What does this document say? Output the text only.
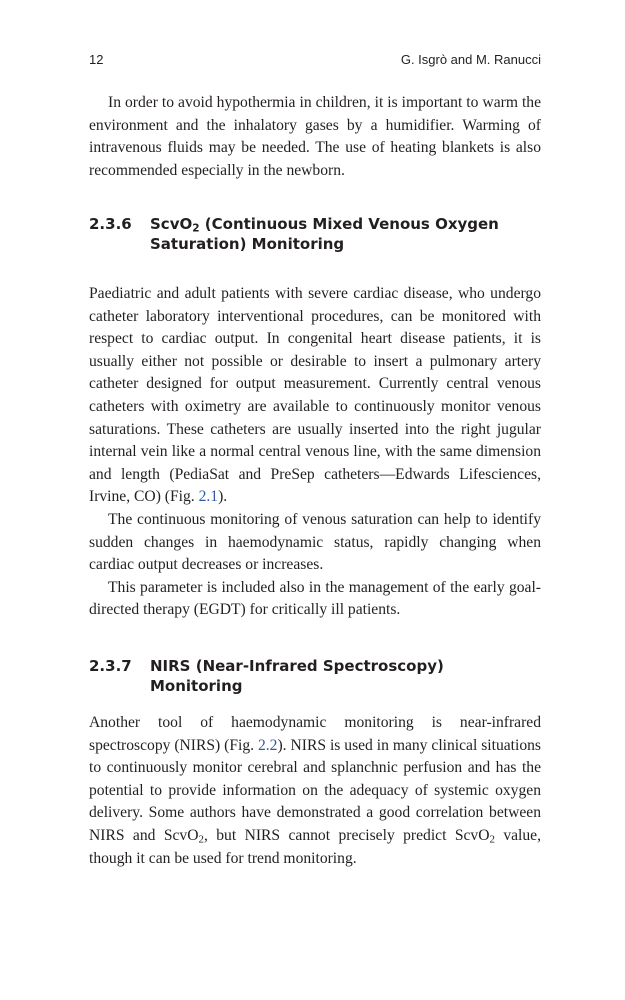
12	G. Isgrò and M. Ranucci

In order to avoid hypothermia in children, it is important to warm the environment and the inhalatory gases by a humidifier. Warming of intravenous fluids may be needed. The use of heating blankets is also recommended especially in the newborn.

2.3.6 ScvO$_2$ (Continuous Mixed Venous Oxygen Saturation) Monitoring

Paediatric and adult patients with severe cardiac disease, who undergo catheter laboratory interventional procedures, can be monitored with respect to cardiac output. In congenital heart disease patients, it is usually either not possible or desirable to insert a pulmonary artery catheter designed for output measurement. Currently central venous catheters with oximetry are available to continuously monitor venous saturations. These catheters are usually inserted into the right jugular internal vein like a normal central venous line, with the same dimension and length (PediaSat and PreSep catheters—Edwards Lifesciences, Irvine, CO) (Fig. 2.1).

The continuous monitoring of venous saturation can help to identify sudden changes in haemodynamic status, rapidly changing when cardiac output decreases or increases.

This parameter is included also in the management of the early goal-directed therapy (EGDT) for critically ill patients.

2.3.7 NIRS (Near-Infrared Spectroscopy) Monitoring

Another tool of haemodynamic monitoring is near-infrared spectroscopy (NIRS) (Fig. 2.2). NIRS is used in many clinical situations to continuously monitor cerebral and splanchnic perfusion and has the potential to provide information on the adequacy of systemic oxygen delivery. Some authors have demonstrated a good correlation between NIRS and ScvO$_2$, but NIRS cannot precisely predict ScvO$_2$ value, though it can be used for trend monitoring.
